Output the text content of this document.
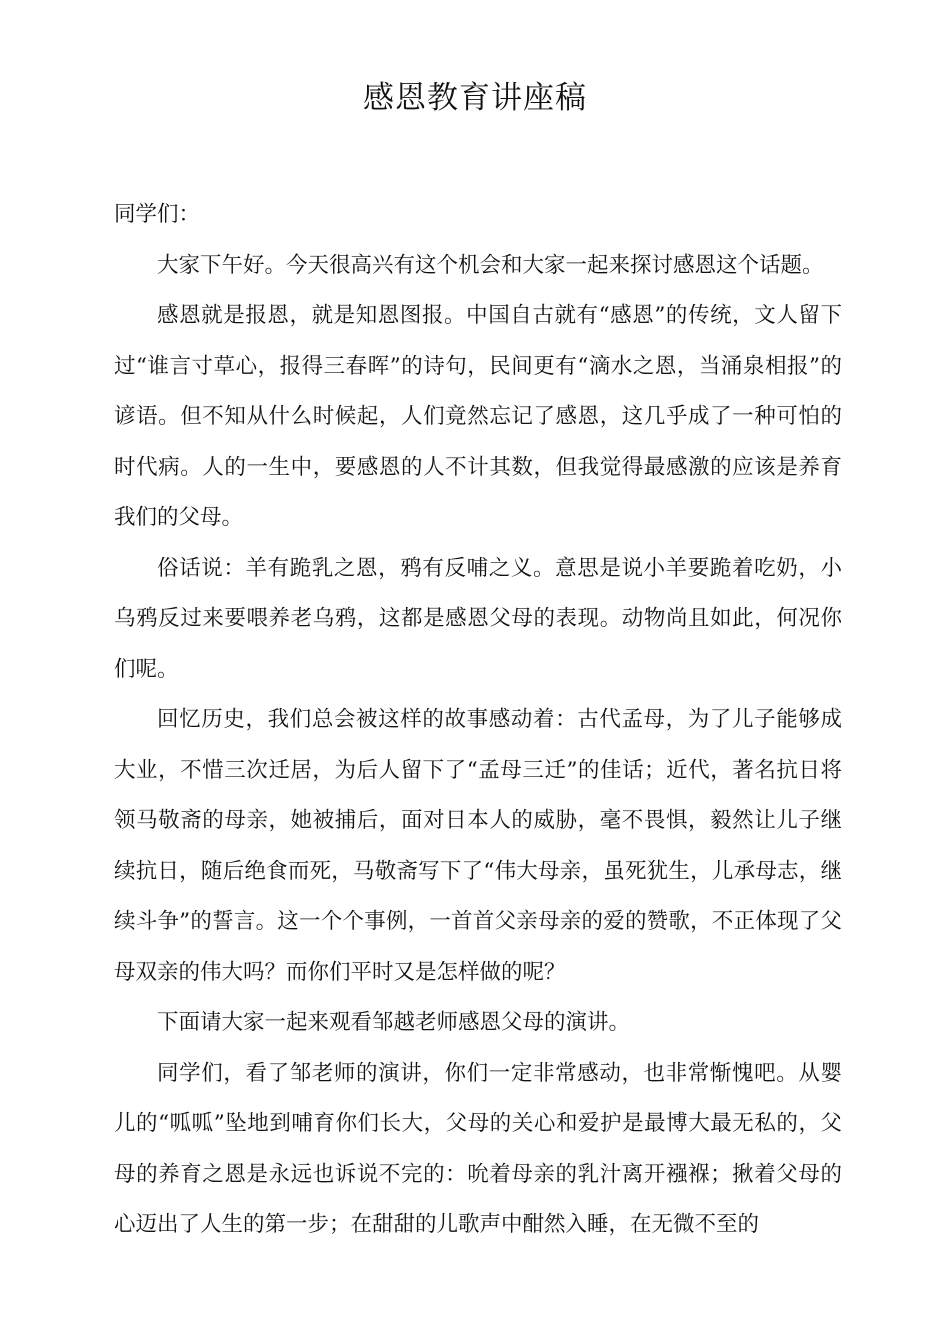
感恩教育讲座稿

同学们：

大家下午好。今天很高兴有这个机会和大家一起来探讨感恩这个话题。

感恩就是报恩，就是知恩图报。中国自古就有“感恩”的传统，文人留下过“谁言寸草心，报得三春晖”的诗句，民间更有“滴水之恩，当涌泉相报”的谚语。但不知从什么时候起，人们竟然忘记了感恩，这几乎成了一种可怕的时代病。人的一生中，要感恩的人不计其数，但我觉得最感激的应该是养育我们的父母。

俗话说：羊有跪乳之恩，鸦有反哺之义。意思是说小羊要跪着吃奶，小乌鸦反过来要喂养老乌鸦，这都是感恩父母的表现。动物尚且如此，何况你们呢。

回忆历史，我们总会被这样的故事感动着：古代孟母，为了儿子能够成大业，不惜三次迁居，为后人留下了“孟母三迁”的佳话；近代，著名抗日将领马敬斋的母亲，她被捕后，面对日本人的威胁，毫不畏惧，毅然让儿子继续抗日，随后绝食而死，马敬斋写下了“伟大母亲，虽死犹生，儿承母志，继续斗争”的誓言。这一个个事例，一首首父亲母亲的爱的赞歌，不正体现了父母双亲的伟大吗？而你们平时又是怎样做的呢？

下面请大家一起来观看邹越老师感恩父母的演讲。

同学们，看了邹老师的演讲，你们一定非常感动，也非常惭愧吧。从婴儿的“呱呱”坠地到哺育你们长大，父母的关心和爱护是最博大最无私的，父母的养育之恩是永远也诉说不完的：吮着母亲的乳汁离开襁褓；揪着父母的心迈出了人生的第一步；在甜甜的儿歌声中酣然入睡，在无微不至的
